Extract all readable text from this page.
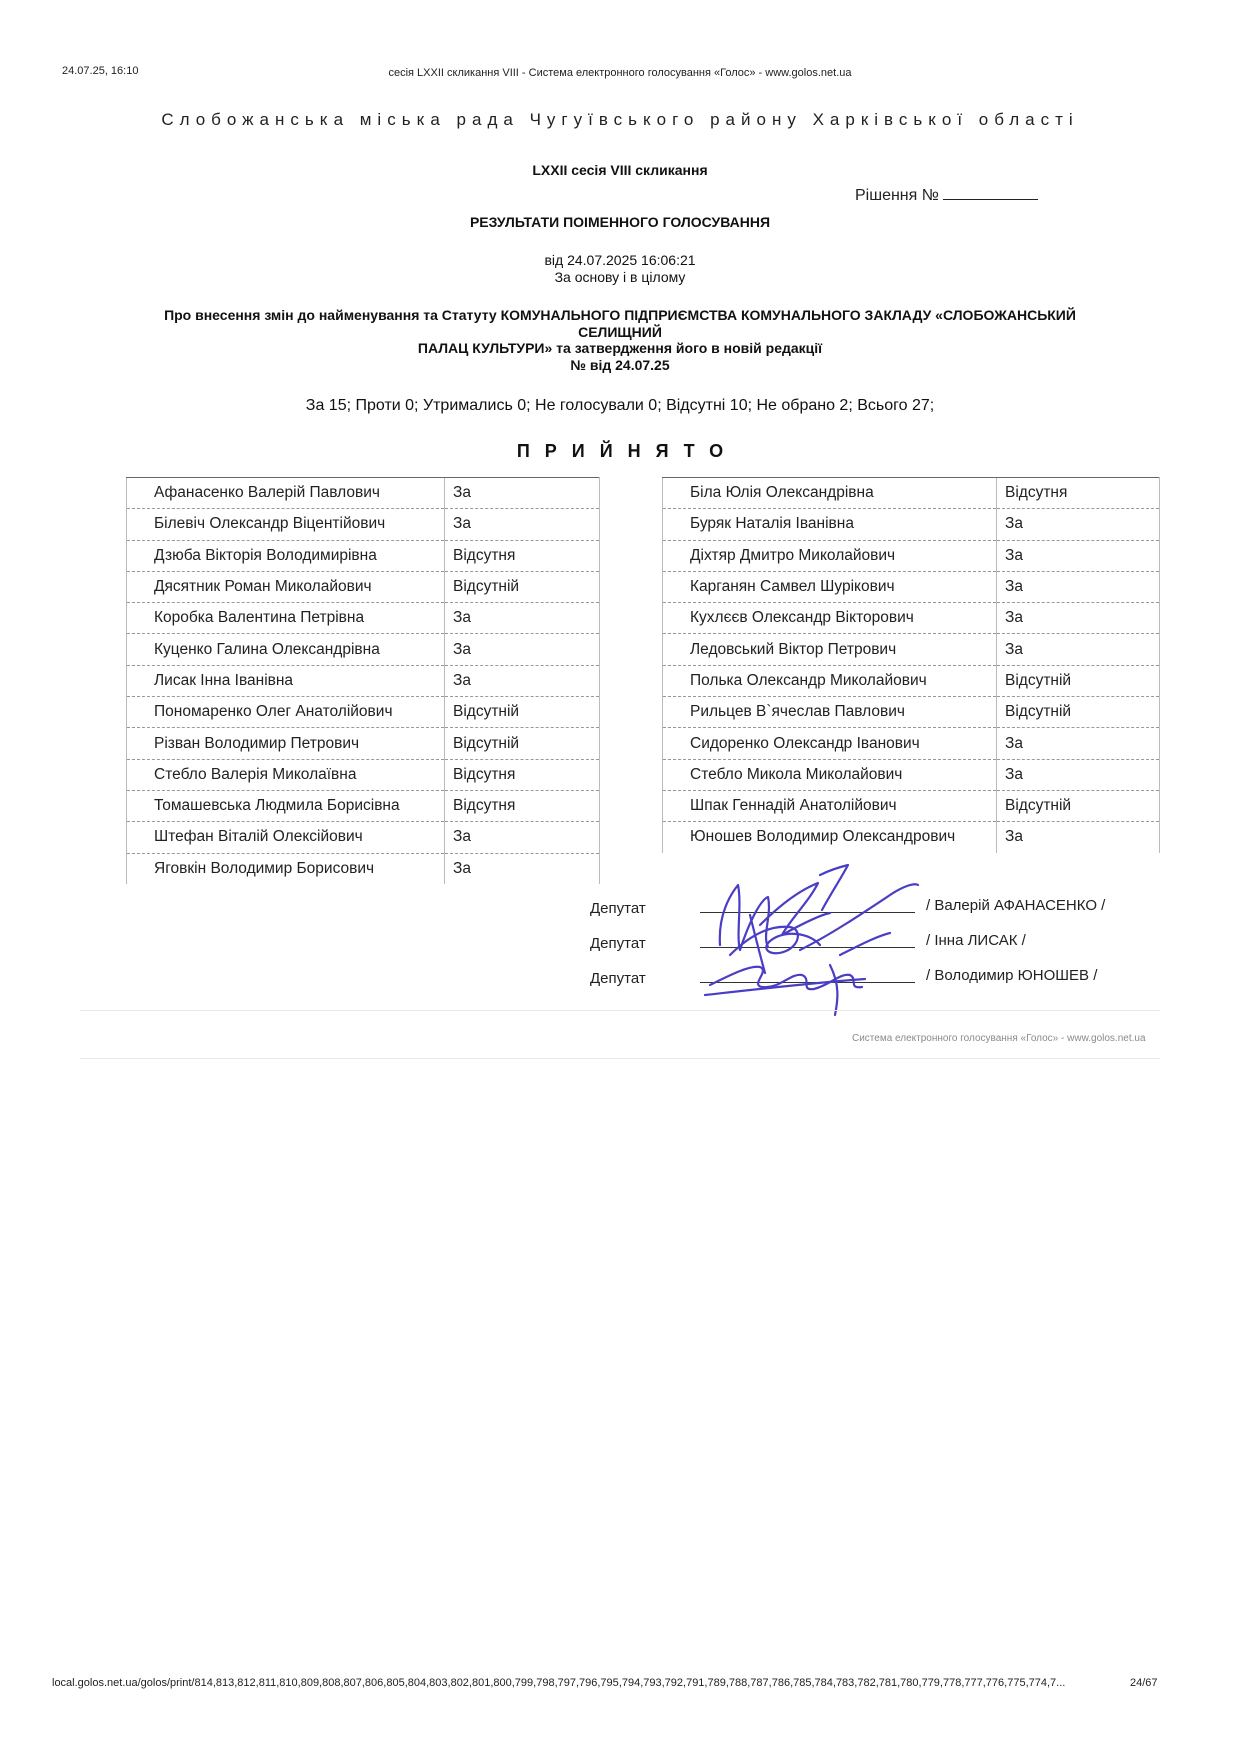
24.07.25, 16:10	сесія LXXII скликання VIII - Система електронного голосування «Голос» - www.golos.net.ua
Слобожанська міська рада Чугуївського району Харківської області
LXXII сесія VIII скликання
Рішення №
РЕЗУЛЬТАТИ ПОІМЕННОГО ГОЛОСУВАННЯ
від 24.07.2025 16:06:21
За основу і в цілому
Про внесення змін до найменування та Статуту КОМУНАЛЬНОГО ПІДПРИЄМСТВА КОМУНАЛЬНОГО ЗАКЛАДУ «СЛОБОЖАНСЬКИЙ
СЕЛИЩНИЙ
ПАЛАЦ КУЛЬТУРИ» та затвердження його в новій редакції
№ від 24.07.25
За 15; Проти 0; Утримались 0; Не голосували 0; Відсутні 10; Не обрано 2; Всього 27;
ПРИЙНЯТО
Афанасенко Валерій Павлович	За
Білевіч Олександр Віцентійович	За
Дзюба Вікторія Володимирівна	Відсутня
Дясятник Роман Миколайович	Відсутній
Коробка Валентина Петрівна	За
Куценко Галина Олександрівна	За
Лисак Інна Іванівна	За
Пономаренко Олег Анатолійович	Відсутній
Різван Володимир Петрович	Відсутній
Стебло Валерія Миколаївна	Відсутня
Томашевська Людмила Борисівна	Відсутня
Штефан Віталій Олексійович	За
Яговкін Володимир Борисович	За
Біла Юлія Олександрівна	Відсутня
Буряк Наталія Іванівна	За
Діхтяр Дмитро Миколайович	За
Карганян Самвел Шурікович	За
Кухлєєв Олександр Вікторович	За
Ледовський Віктор Петрович	За
Полька Олександр Миколайович	Відсутній
Рильцев В`ячеслав Павлович	Відсутній
Сидоренко Олександр Іванович	За
Стебло Микола Миколайович	За
Шпак Геннадій Анатолійович	Відсутній
Юношев Володимир Олександрович	За
Депутат
Депутат
Депутат
/ Валерій АФАНАСЕНКО /
/ Інна ЛИСАК /
/ Володимир ЮНОШЕВ /
Система електронного голосування «Голос» - www.golos.net.ua
local.golos.net.ua/golos/print/814,813,812,811,810,809,808,807,806,805,804,803,802,801,800,799,798,797,796,795,794,793,792,791,789,788,787,786,785,784,783,782,781,780,779,778,777,776,775,774,7...	24/67
